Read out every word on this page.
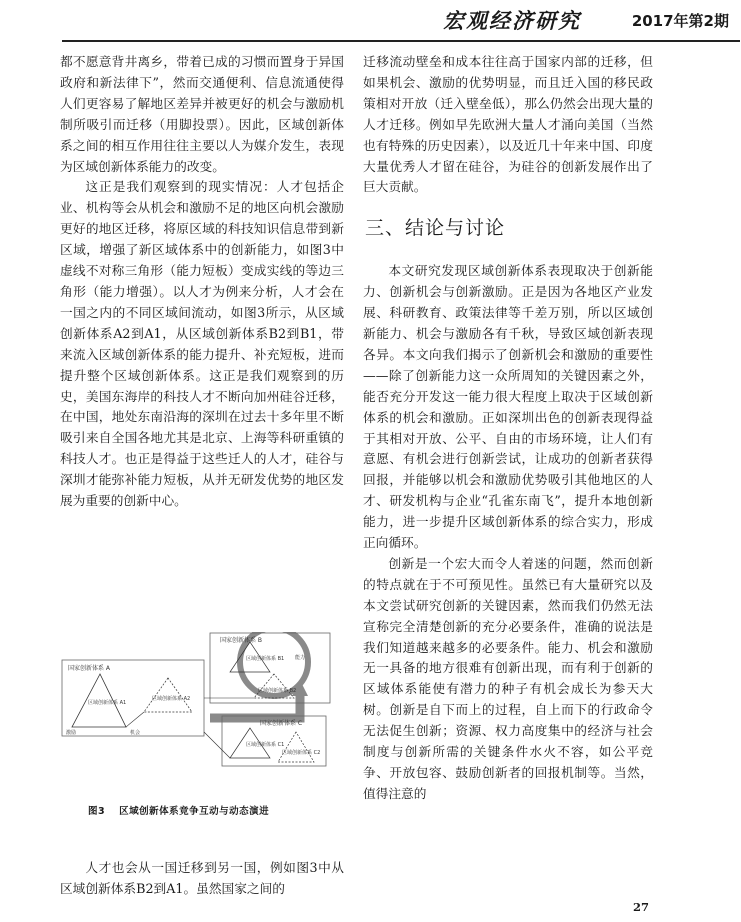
宏观经济研究	2017年第2期

都不愿意背井离乡，带着已成的习惯而置身于异国政府和新法律下”，然而交通便利、信息流通使得人们更容易了解地区差异并被更好的机会与激励机制所吸引而迁移（用脚投票）。因此，区域创新体系之间的相互作用往往主要以人为媒介发生，表现为区域创新体系能力的改变。

这正是我们观察到的现实情况：人才包括企业、机构等会从机会和激励不足的地区向机会激励更好的地区迁移，将原区域的科技知识信息带到新区域，增强了新区域体系中的创新能力，如图3中虚线不对称三角形（能力短板）变成实线的等边三角形（能力增强）。以人才为例来分析，人才会在一国之内的不同区域间流动，如图3所示，从区域创新体系A2到A1，从区域创新体系B2到B1，带来流入区域创新体系的能力提升、补充短板，进而提升整个区域创新体系。这正是我们观察到的历史，美国东海岸的科技人才不断向加州硅谷迁移，在中国，地处东南沿海的深圳在过去十多年里不断吸引来自全国各地尤其是北京、上海等科研重镇的科技人才。也正是得益于这些迁人的人才，硅谷与深圳才能弥补能力短板，从并无研发优势的地区发展为重要的创新中心。

国家创新体系 B
区域创新体系 B1
区域创新体系 B2
能力
国家创新体系 A
区域创新体系 A1
区域创新体系 A2
激励	机会
国家创新体系 C
区域创新体系 C1
区域创新体系 C2
图3 区域创新体系竞争互动与动态演进

人才也会从一国迁移到另一国，例如图3中从区域创新体系B2到A1。虽然国家之间的

迁移流动壁垒和成本往往高于国家内部的迁移，但如果机会、激励的优势明显，而且迁入国的移民政策相对开放（迁入壁垒低），那么仍然会出现大量的人才迁移。例如早先欧洲大量人才涌向美国（当然也有特殊的历史因素），以及近几十年来中国、印度大量优秀人才留在硅谷，为硅谷的创新发展作出了巨大贡献。

三、结论与讨论

本文研究发现区域创新体系表现取决于创新能力、创新机会与创新激励。正是因为各地区产业发展、科研教育、政策法律等千差万别，所以区域创新能力、机会与激励各有千秋，导致区域创新表现各异。本文向我们揭示了创新机会和激励的重要性——除了创新能力这一众所周知的关键因素之外，能否充分开发这一能力很大程度上取决于区域创新体系的机会和激励。正如深圳出色的创新表现得益于其相对开放、公平、自由的市场环境，让人们有意愿、有机会进行创新尝试，让成功的创新者获得回报，并能够以机会和激励优势吸引其他地区的人才、研发机构与企业“孔雀东南飞”，提升本地创新能力，进一步提升区域创新体系的综合实力，形成正向循环。

创新是一个宏大而令人着迷的问题，然而创新的特点就在于不可预见性。虽然已有大量研究以及本文尝试研究创新的关键因素，然而我们仍然无法宣称完全清楚创新的充分必要条件，准确的说法是我们知道越来越多的必要条件。能力、机会和激励无一具备的地方很难有创新出现，而有利于创新的区域体系能使有潜力的种子有机会成长为参天大树。创新是自下而上的过程，自上而下的行政命令无法促生创新；资源、权力高度集中的经济与社会制度与创新所需的关键条件水火不容，如公平竞争、开放包容、鼓励创新者的回报机制等。当然，值得注意的

27
